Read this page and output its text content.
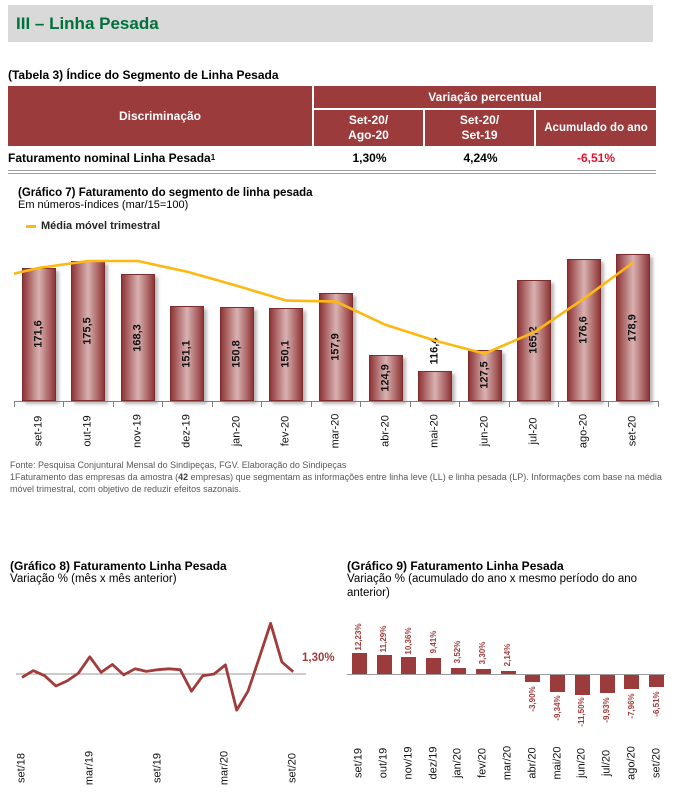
III – Linha Pesada
(Tabela 3) Índice do Segmento de Linha Pesada
Discriminação
Variação percentual
Set-20/
Ago-20
Set-20/
Set-19
Acumulado do ano
Faturamento nominal Linha Pesada 1	1,30%	4,24%	-6,51%
(Gráfico 7) Faturamento do segmento de linha pesada
Em números-índices (mar/15=100)
Média móvel trimestral
171,6	175,5	168,3
151,1	150,8	150,1	157,9
124,9
116,4
127,5
165,2	176,6	178,9
set-19	out-19	nov-19	dez-19	jan-20	fev-20	mar-20	abr-20	mai-20	jun-20	jul-20	ago-20	set-20
Fonte: Pesquisa Conjuntural Mensal do Sindipeças, FGV. Elaboração do Sindipeças
1Faturamento das empresas da amostra (42 empresas) que segmentam as informações entre linha leve (LL) e linha pesada (LP). Informações com base na média móvel trimestral, com objetivo de reduzir efeitos sazonais.
(Gráfico 8) Faturamento Linha Pesada
Variação % (mês x mês anterior)
1,30%
set/18	mar/19	set/19	mar/20	set/20
(Gráfico 9) Faturamento Linha Pesada
Variação % (acumulado do ano x mesmo período do ano anterior)
12,23% 11,29% 10,36% 9,41% 3,52% 3,30% 2,14%
-3,90% -9,34% -11,50% -9,93% -7,96% -6,51%
set/19 out/19 nov/19 dez/19 jan/20 fev/20 mar/20 abr/20 mai/20 jun/20 jul/20 ago/20 set/20
